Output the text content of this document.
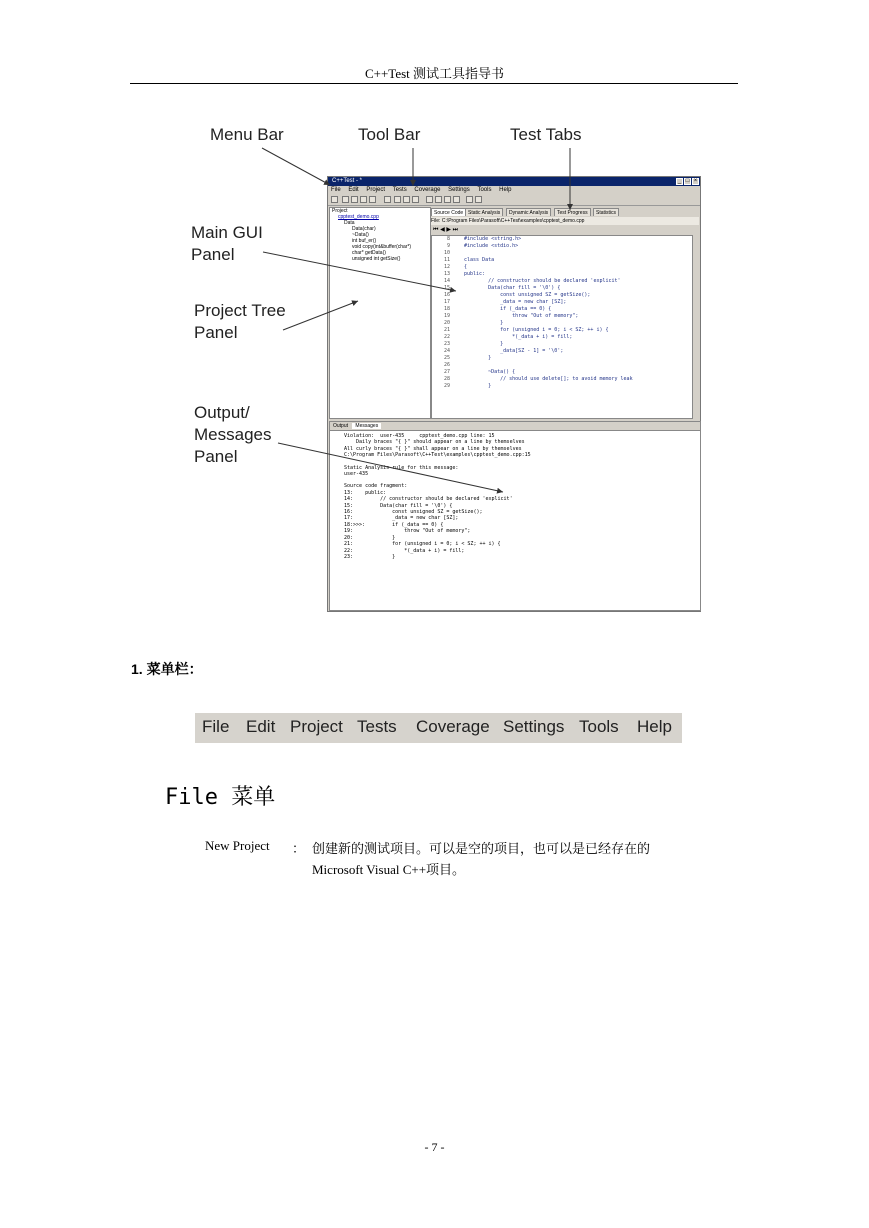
C++Test 测试工具指导书
Menu Bar	Tool Bar	Test Tabs
Main GUI
Panel
Project Tree
Panel
Output/
Messages
Panel
C++Test - *	_ □ ×
File Edit Project Tests Coverage Settings Tools Help
Project
cpptest_demo.cpp
Data
Data(char)
~Data()
int buf_er()
void copy(int&buffer(char*)
char* getData()
unsigned int getSize()
Source Code Static Analysis	Dynamic Analysis	Test Progress	Statistics
File: C:\Program Files\Parasoft\C++Test\examples\cpptest_demo.cpp
⏮ ◀ ▶ ⏭
8	#include <string.h>
9	#include <stdio.h>
10
11	class Data
12	{
13	public:
14	// constructor should be declared 'explicit'
15	Data(char fill = '\0') {
16	const unsigned SZ = getSize();
17	_data = new char [SZ];
18	if (_data == 0) {
19	throw "Out of memory";
20	}
21	for (unsigned i = 0; i < SZ; ++ i) {
22	*(_data + i) = fill;
23	}
24	_data[SZ - 1] = '\0';
25	}
26
27	~Data() {
28	// should use delete[]; to avoid memory leak
29	}
Output Messages
Violation:  user-435     cpptest_demo.cpp line: 15
Daily braces "{ }" should appear on a line by themselves
All curly braces "{ }" shall appear on a line by themselves
C:\Program Files\Parasoft\C++Test\examples\cpptest_demo.cpp:15
Static Analysis rule for this message:
user-435
Source code fragment:
13:    public:
14:         // constructor should be declared 'explicit'
15:         Data(char fill = '\0') {
16:             const unsigned SZ = getSize();
17:             _data = new char [SZ];
18:>>>:         if (_data == 0) {
19:                 throw "Out of memory";
20:             }
21:             for (unsigned i = 0; i < SZ; ++ i) {
22:                 *(_data + i) = fill;
23:             }
1. 菜单栏：
File Edit Project Tests Coverage Settings Tools Help
File 菜单
New Project ： 创建新的测试项目。可以是空的项目，也可以是已经存在的
Microsoft Visual C++项目。
- 7 -
